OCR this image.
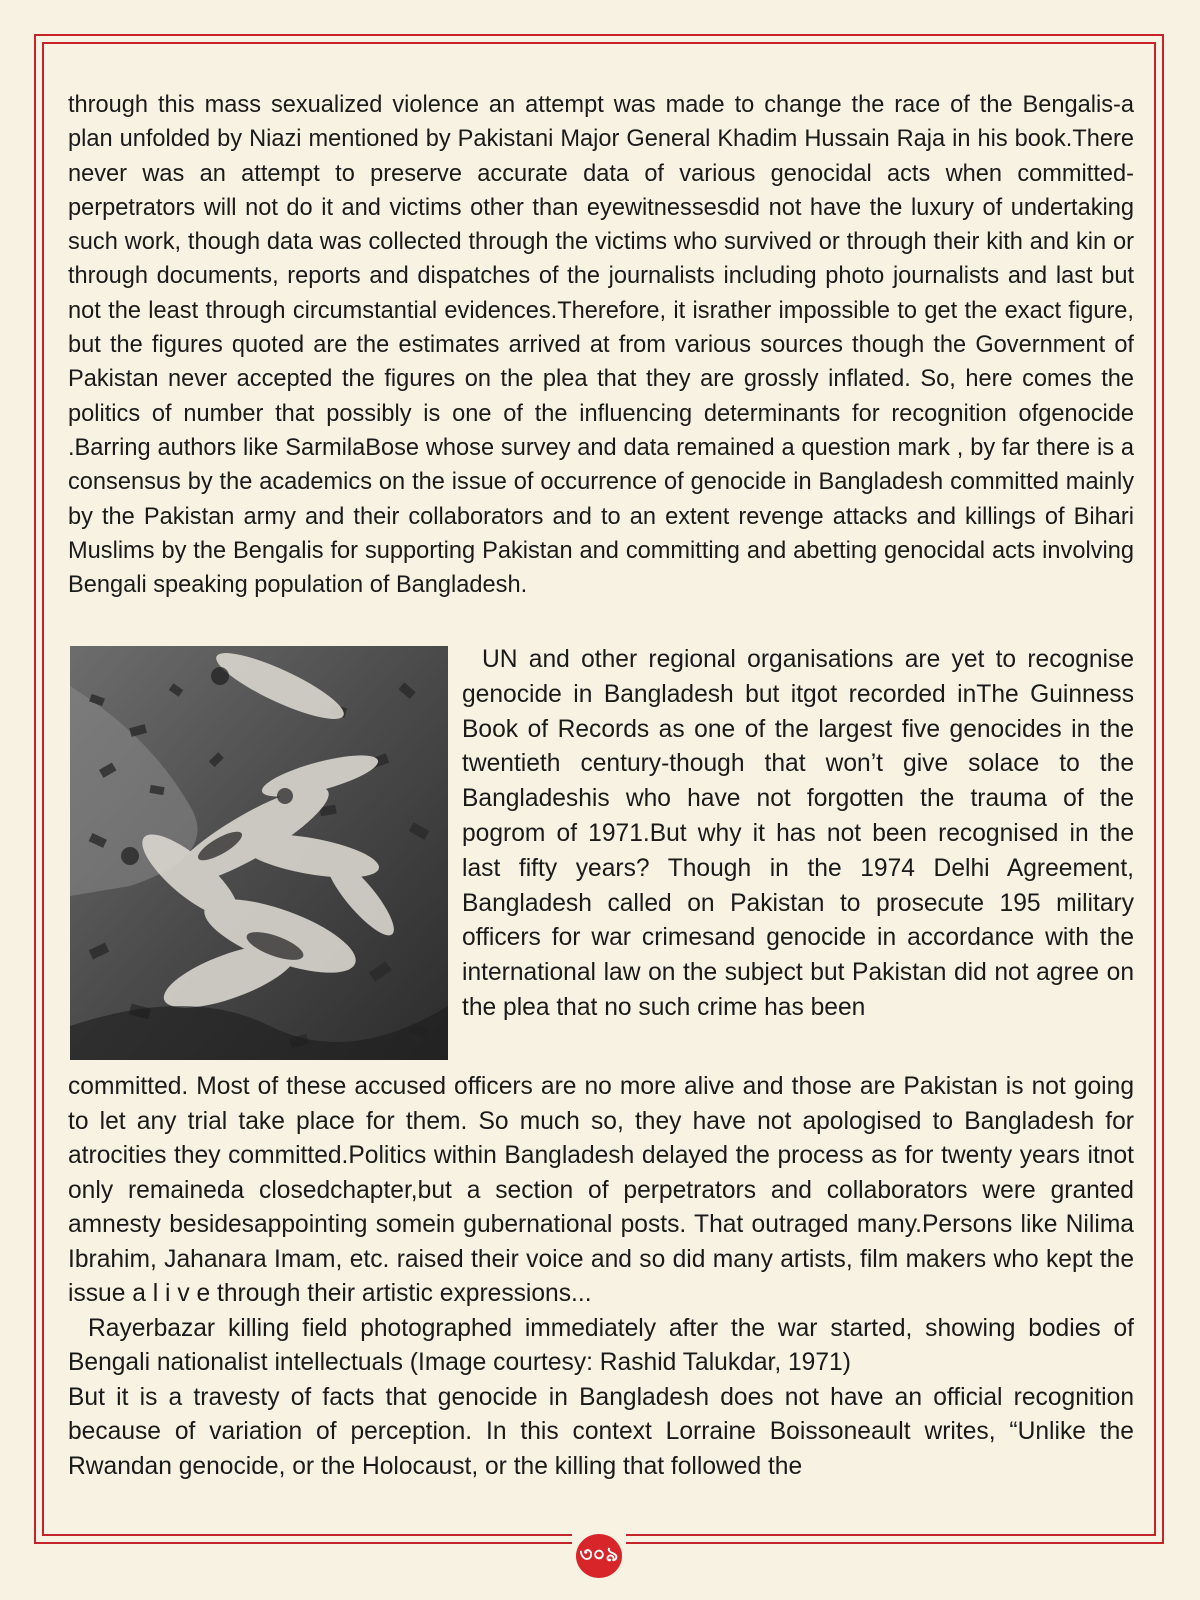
through this mass sexualized violence an attempt was made to change the race of the Bengalis-a plan unfolded by Niazi mentioned by Pakistani Major General Khadim Hussain Raja in his book.There never was an attempt to preserve accurate data of various genocidal acts when committed- perpetrators will not do it and victims other than eyewitnessesdid not have the luxury of undertaking such work, though data was collected through the victims who survived or through their kith and kin or through documents, reports and dispatches of the journalists including photo journalists and last but not the least through circumstantial evidences.Therefore, it israther impossible to get the exact figure, but the figures quoted are the estimates arrived at from various sources though the Government of Pakistan never accepted the figures on the plea that they are grossly inflated. So, here comes the politics of number that possibly is one of the influencing determinants for recognition ofgenocide .Barring authors like SarmilaBose whose survey and data remained a question mark , by far there is a consensus by the academics on the issue of occurrence of genocide in Bangladesh committed mainly by the Pakistan army and their collaborators and to an extent revenge attacks and killings of Bihari Muslims by the Bengalis for supporting Pakistan and committing and abetting genocidal acts involving Bengali speaking population of Bangladesh.

UN and other regional organisations are yet to recognise genocide in Bangladesh but itgot recorded inThe Guinness Book of Records as one of the largest five genocides in the twentieth century-though that won’t give solace to the Bangladeshis who have not forgotten the trauma of the pogrom of 1971.But why it has not been recognised in the last fifty years? Though in the 1974 Delhi Agreement, Bangladesh called on Pakistan to prosecute 195 military officers for war crimesand genocide in accordance with the international law on the subject but Pakistan did not agree on the plea that no such crime has been

committed. Most of these accused officers are no more alive and those are Pakistan is not going to let any trial take place for them. So much so, they have not apologised to Bangladesh for atrocities they committed.Politics within Bangladesh delayed the process as for twenty years itnot only remaineda closedchapter,but a section of perpetrators and collaborators were granted amnesty besidesappointing somein gubernational posts. That outraged many.Persons like Nilima Ibrahim, Jahanara Imam, etc. raised their voice and so did many artists, film makers who kept the issue a l i v e through their artistic expressions...

Rayerbazar killing field photographed immediately after the war started, showing bodies of Bengali nationalist intellectuals (Image courtesy: Rashid Talukdar, 1971)

But it is a travesty of facts that genocide in Bangladesh does not have an official recognition because of variation of perception. In this context Lorraine Boissoneault writes, “Unlike the Rwandan genocide, or the Holocaust, or the killing that followed the

৩০৯
